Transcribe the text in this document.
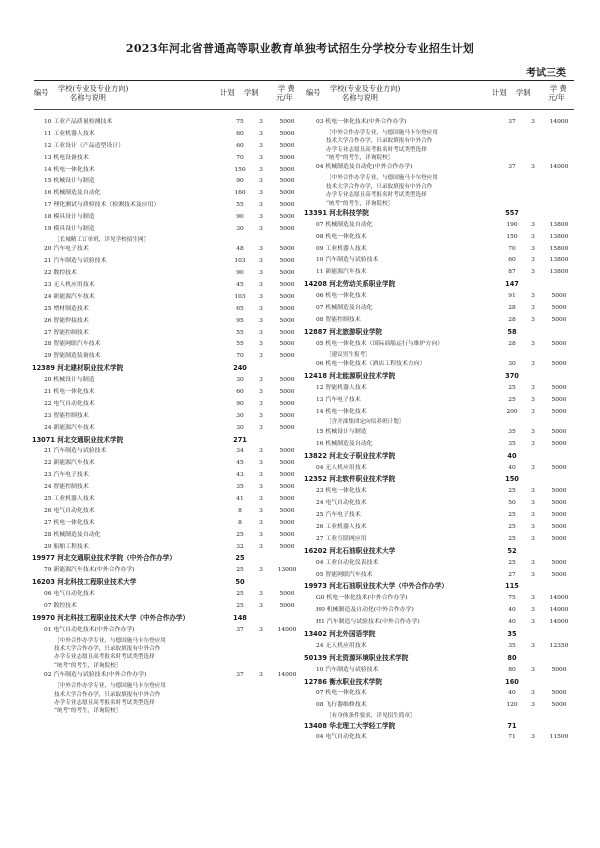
2023年河北省普通高等职业教育单独考试招生分学校分专业招生计划
考试三类
编号 学校(专业及专业方向)
名称与说明
计划 学制	学 费
元/年
10 工业产品质量检测技术	75	3	5000
11 工业机器人技术	60	3	5000
12 工业设计（产品造型设计）	60	3	5000
13 机电设备技术	70	3	5000
14 机电一体化技术	150	3	5000
15 机械设计与制造	90	3	5000
16 机械制造及自动化	160	3	5000
17 理化测试与质检技术（检测技术及应用）	55	3	5000
18 模具设计与制造	90	3	5000
19 模具设计与制造	30	3	5000
［长城精工订单班，详见学校招生网］
20 汽车电子技术	48	3	5000
21 汽车制造与试验技术	103	3	5000
22 数控技术	90	3	5000
23 无人机应用技术	45	3	5000
24 新能源汽车技术	103	3	5000
25 增材制造技术	65	3	5000
26 智能焊接技术	95	3	5000
27 智能控制技术	55	3	5000
28 智能网联汽车技术	55	3	5000
29 智能制造装备技术	70	3	5000
12389 河北建材职业技术学院	240
20 机械设计与制造	30	3	5000
21 机电一体化技术	60	3	5000
22 电气自动化技术	90	3	5000
23 智能控制技术	30	3	5000
24 新能源汽车技术	30	3	5000
13071 河北交通职业技术学院	271
21 汽车制造与试验技术	34	3	5000
22 新能源汽车技术	45	3	5000
23 汽车电子技术	43	3	5000
24 智能控制技术	35	3	5000
25 工业机器人技术	41	3	5000
26 电气自动化技术	8	3	5000
27 机电一体化技术	8	3	5000
28 机械制造及自动化	25	3	5000
29 船舶工程技术	32	3	5000
19977 河北交通职业技术学院（中外合作办学）	25
79 新能源汽车技术(中外合作办学)	25	3	13000
16203 河北科技工程职业技术大学	50
06 电气自动化技术	25	3	5000
07 数控技术	25	3	5000
19970 河北科技工程职业技术大学（中外合作办学）	148
01 电气自动化技术(中外合作办学)	37	3	14000
［中外合作办学专业，与德国施马卡尔登应用
技术大学合作办学，只录取填报有中外合作
办学专业志愿且高考报名时考试类型选择
“统考”的考生，详询院校］
02 汽车制造与试验技术(中外合作办学)	37	3	14000
［中外合作办学专业，与德国施马卡尔登应用
技术大学合作办学，只录取填报有中外合作
办学专业志愿且高考报名时考试类型选择
“统考”的考生，详询院校］
编号 学校(专业及专业方向)
名称与说明
计划 学制	学 费
元/年
03 机电一体化技术(中外合作办学)	37	3	14000
［中外合作办学专业，与德国施马卡尔登应用
技术大学合作办学，只录取填报有中外合作
办学专业志愿且高考报名时考试类型选择
“统考”的考生，详询院校］
04 机械制造及自动化(中外合作办学)	37	3	14000
［中外合作办学专业，与德国施马卡尔登应用
技术大学合作办学，只录取填报有中外合作
办学专业志愿且高考报名时考试类型选择
“统考”的考生，详询院校］
13391 河北科技学院	557
07 机械制造及自动化	190	3	13800
08 机电一体化技术	150	3	13800
09 工业机器人技术	70	3	15800
10 汽车制造与试验技术	60	3	13800
11 新能源汽车技术	87	3	13800
14208 河北劳动关系职业学院	147
06 机电一体化技术	91	3	5000
07 机械制造及自动化	28	3	5000
08 智能控制技术	28	3	5000
12887 河北旅游职业学院	58
05 机电一体化技术（国际商船运行与维护方向）	28	3	5000
［建议男生报考］
06 机电一体化技术（酒店工程技术方向）	30	3	5000
12418 河北能源职业技术学院	370
12 智能机器人技术	25	3	5000
13 汽车电子技术	25	3	5000
14 机电一体化技术	200	3	5000
［含开滦集团定向培养班计划］
15 机械设计与制造	35	3	5000
16 机械制造及自动化	35	3	5000
13822 河北女子职业技术学院	40
04 无人机应用技术	40	3	5000
12352 河北软件职业技术学院	150
23 机电一体化技术	25	3	5000
24 电气自动化技术	50	3	5000
25 汽车电子技术	25	3	5000
26 工业机器人技术	25	3	5000
27 工业互联网应用	25	3	5000
16202 河北石油职业技术大学	52
04 工业自动化仪表技术	25	3	5000
05 智能网联汽车技术	27	3	5000
19973 河北石油职业技术大学（中外合作办学）	115
G0 机电一体化技术(中外合作办学)	75	3	14000
H0 机械制造及自动化(中外合作办学)	40	3	14000
H1 汽车制造与试验技术(中外合作办学)	40	3	14000
13402 河北外国语学院	35
24 无人机应用技术	35	3	12350
50139 河北资源环境职业技术学院	80
10 汽车制造与试验技术	80	3	5000
12786 衡水职业技术学院	160
07 机电一体化技术	40	3	5000
08 飞行器维修技术	120	3	5000
［有身体条件要求，详见招生简章］
13408 华北理工大学轻工学院	71
04 电气自动化技术	71	3	11500
